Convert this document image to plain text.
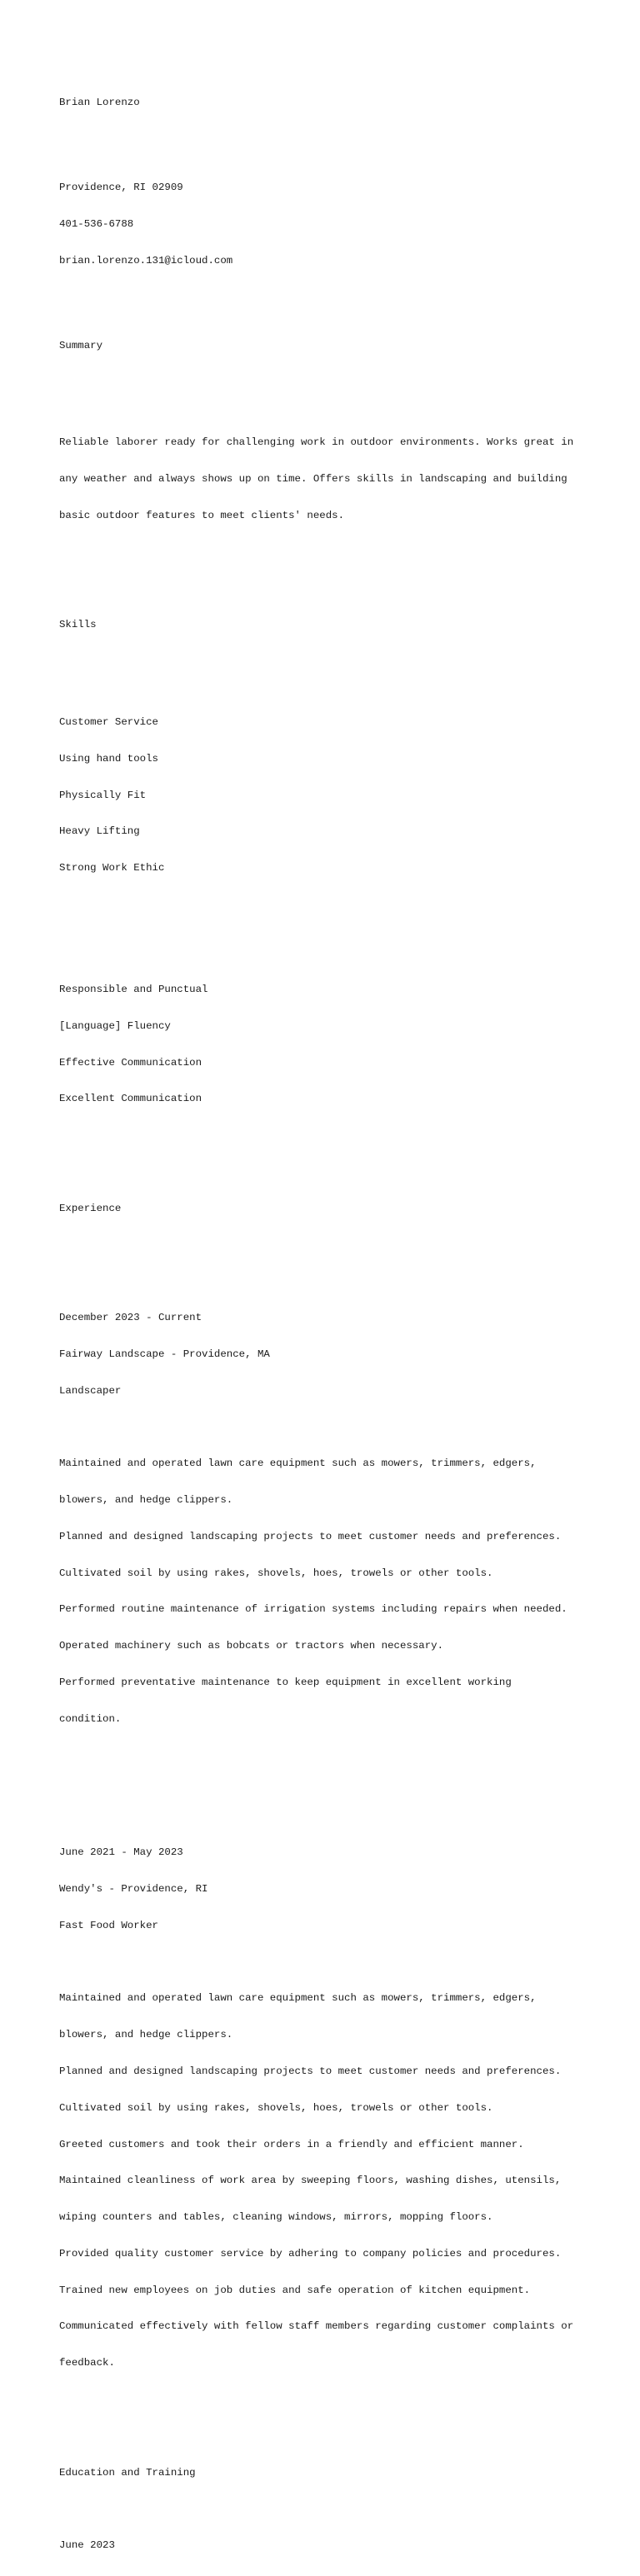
Brian Lorenzo

Providence, RI 02909

401-536-6788

brian.lorenzo.131@icloud.com

Summary

Reliable laborer ready for challenging work in outdoor environments. Works great in

any weather and always shows up on time. Offers skills in landscaping and building

basic outdoor features to meet clients' needs.

Skills

Customer Service

Using hand tools

Physically Fit

Heavy Lifting

Strong Work Ethic

Responsible and Punctual

[Language] Fluency

Effective Communication

Excellent Communication

Experience

December 2023 - Current

Fairway Landscape - Providence, MA

Landscaper

Maintained and operated lawn care equipment such as mowers, trimmers, edgers,

blowers, and hedge clippers.

Planned and designed landscaping projects to meet customer needs and preferences.

Cultivated soil by using rakes, shovels, hoes, trowels or other tools.

Performed routine maintenance of irrigation systems including repairs when needed.

Operated machinery such as bobcats or tractors when necessary.

Performed preventative maintenance to keep equipment in excellent working

condition.

June 2021 - May 2023

Wendy's - Providence, RI

Fast Food Worker

Maintained and operated lawn care equipment such as mowers, trimmers, edgers,

blowers, and hedge clippers.

Planned and designed landscaping projects to meet customer needs and preferences.

Cultivated soil by using rakes, shovels, hoes, trowels or other tools.

Greeted customers and took their orders in a friendly and efficient manner.

Maintained cleanliness of work area by sweeping floors, washing dishes, utensils,

wiping counters and tables, cleaning windows, mirrors, mopping floors.

Provided quality customer service by adhering to company policies and procedures.

Trained new employees on job duties and safe operation of kitchen equipment.

Communicated effectively with fellow staff members regarding customer complaints or

feedback.

Education and Training

June 2023
